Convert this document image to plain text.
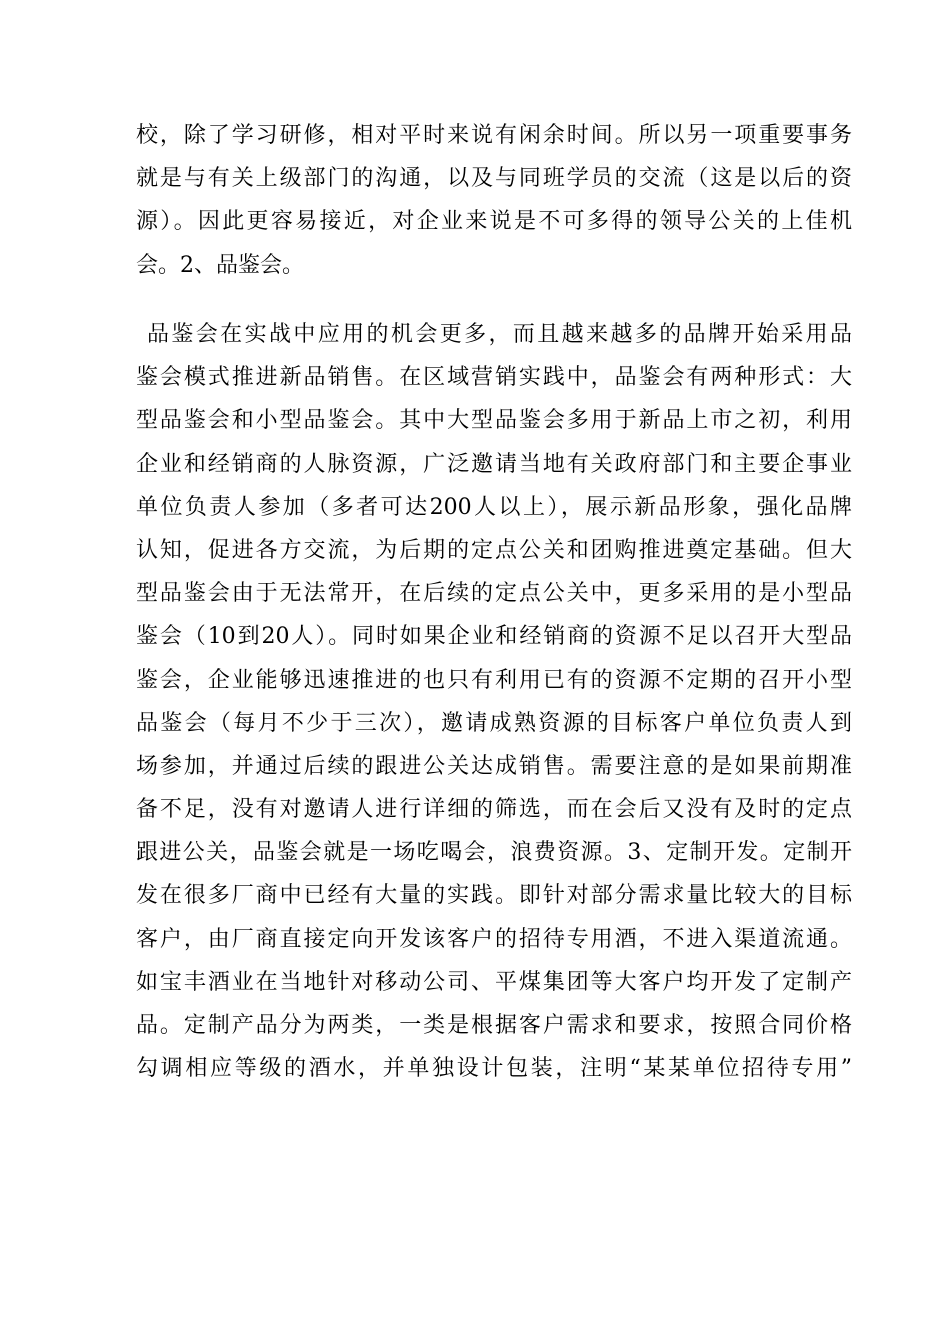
校，除了学习研修，相对平时来说有闲余时间。所以另一项重要事务
就是与有关上级部门的沟通，以及与同班学员的交流（这是以后的资
源）。因此更容易接近，对企业来说是不可多得的领导公关的上佳机
会。2、品鉴会。
品鉴会在实战中应用的机会更多，而且越来越多的品牌开始采用品
鉴会模式推进新品销售。在区域营销实践中，品鉴会有两种形式：大
型品鉴会和小型品鉴会。其中大型品鉴会多用于新品上市之初，利用
企业和经销商的人脉资源，广泛邀请当地有关政府部门和主要企事业
单位负责人参加（多者可达200人以上），展示新品形象，强化品牌
认知，促进各方交流，为后期的定点公关和团购推进奠定基础。但大
型品鉴会由于无法常开，在后续的定点公关中，更多采用的是小型品
鉴会（10到20人）。同时如果企业和经销商的资源不足以召开大型品
鉴会，企业能够迅速推进的也只有利用已有的资源不定期的召开小型
品鉴会（每月不少于三次），邀请成熟资源的目标客户单位负责人到
场参加，并通过后续的跟进公关达成销售。需要注意的是如果前期准
备不足，没有对邀请人进行详细的筛选，而在会后又没有及时的定点
跟进公关，品鉴会就是一场吃喝会，浪费资源。3、定制开发。定制开
发在很多厂商中已经有大量的实践。即针对部分需求量比较大的目标
客户，由厂商直接定向开发该客户的招待专用酒，不进入渠道流通。
如宝丰酒业在当地针对移动公司、平煤集团等大客户均开发了定制产
品。定制产品分为两类，一类是根据客户需求和要求，按照合同价格
勾调相应等级的酒水，并单独设计包装，注明“某某单位招待专用”
